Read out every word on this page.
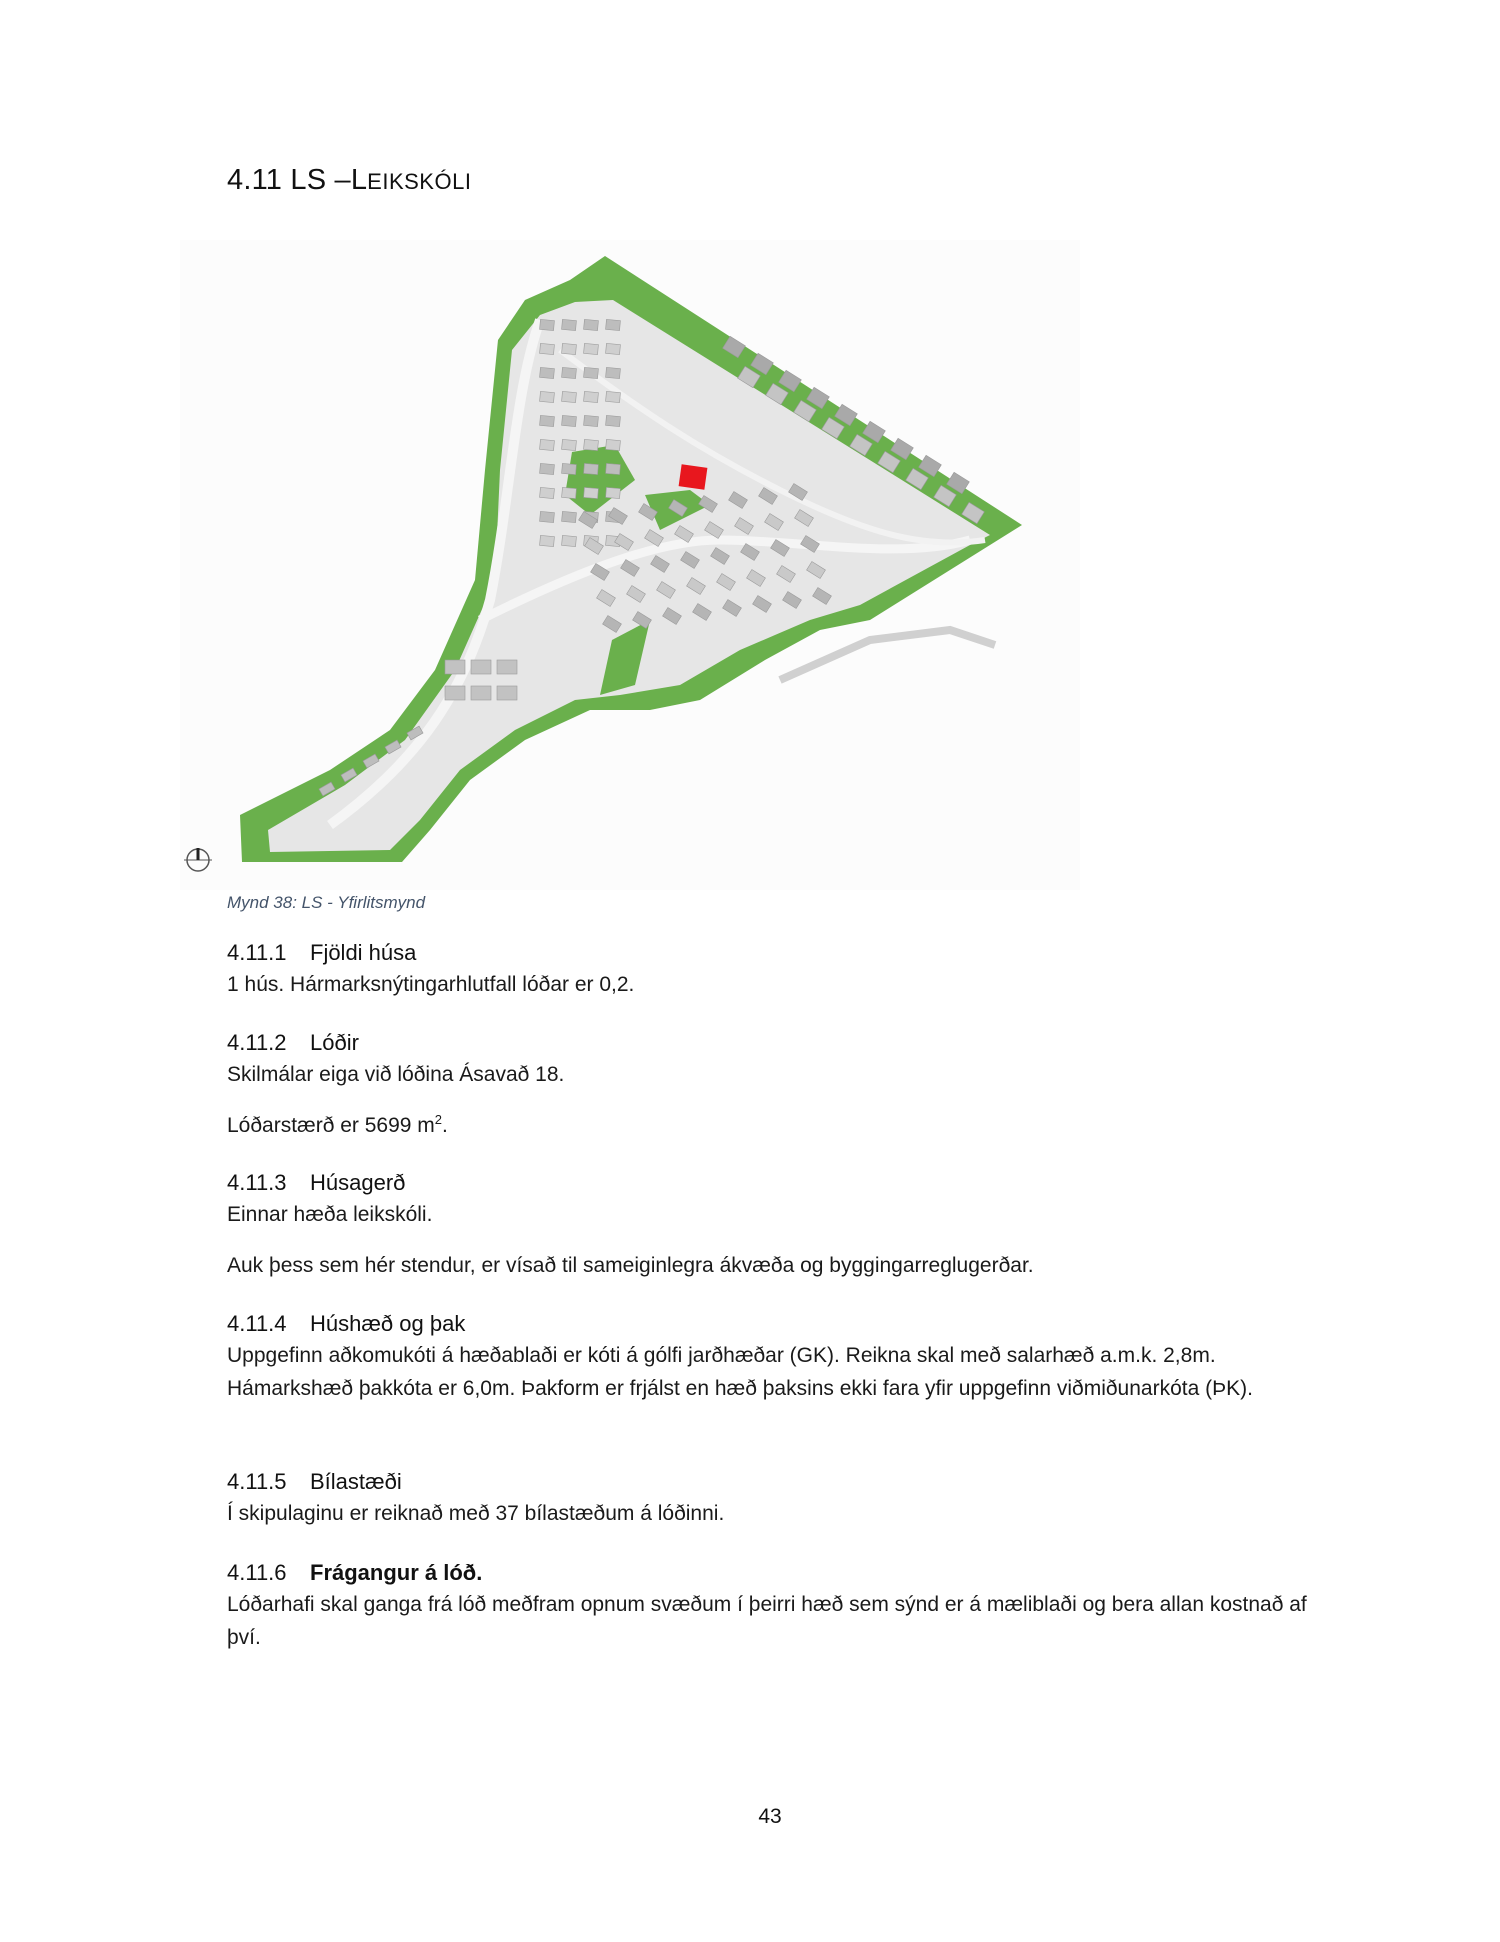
4.11 LS –LEIKSKÓLI
Mynd 38: LS - Yfirlitsmynd
4.11.1 Fjöldi húsa

1 hús. Hármarksnýtingarhlutfall lóðar er 0,2.

4.11.2 Lóðir

Skilmálar eiga við lóðina Ásavað 18.

Lóðarstærð er 5699 $m^2$.

4.11.3 Húsagerð

Einnar hæða leikskóli.

Auk þess sem hér stendur, er vísað til sameiginlegra ákvæða og byggingarreglugerðar.

4.11.4 Húshæð og þak

Uppgefinn aðkomukóti á hæðablaði er kóti á gólfi jarðhæðar (GK). Reikna skal með salarhæð a.m.k. 2,8m. Hámarkshæð þakkóta er 6,0m. Þakform er frjálst en hæð þaksins ekki fara yfir uppgefinn viðmiðunarkóta (ÞK).

4.11.5 Bílastæði

Í skipulaginu er reiknað með 37 bílastæðum á lóðinni.

4.11.6 Frágangur á lóð.

Lóðarhafi skal ganga frá lóð meðfram opnum svæðum í þeirri hæð sem sýnd er á mæliblaði og bera allan kostnað af því.

43
